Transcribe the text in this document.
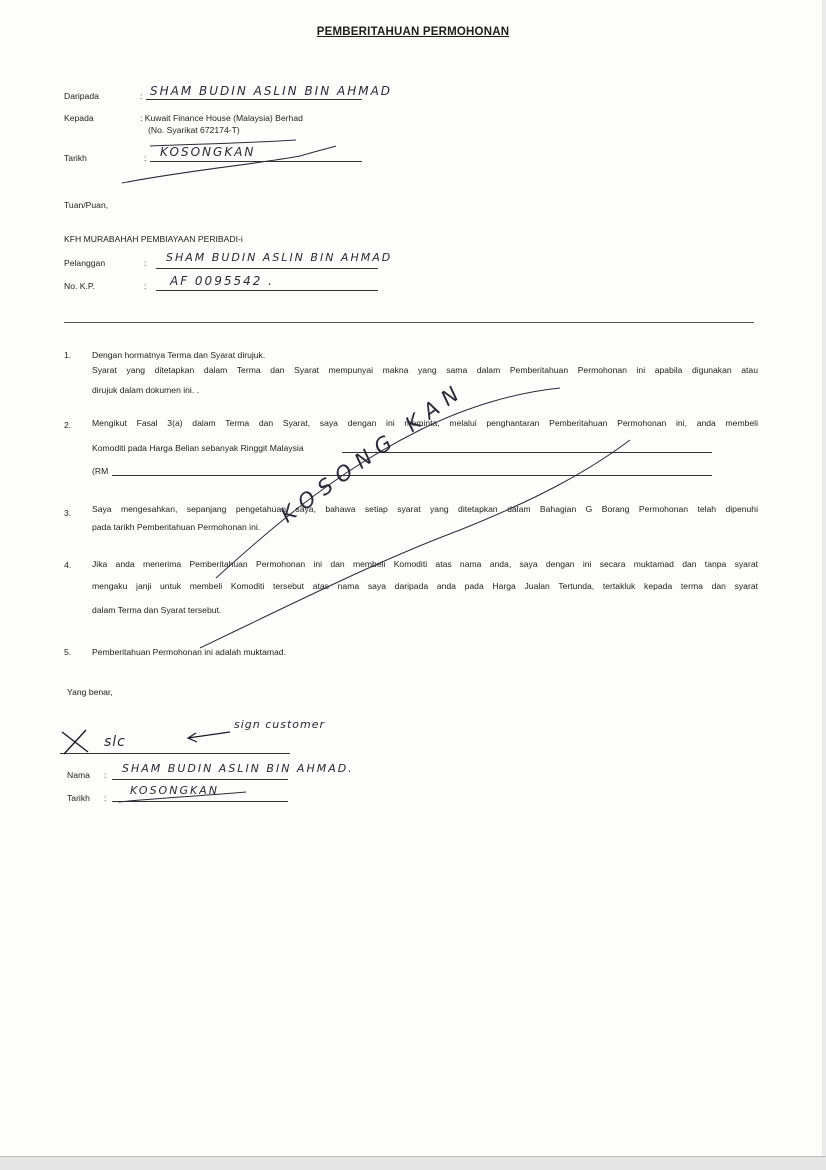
PEMBERITAHUAN PERMOHONAN
Daripada	: SHAM BUDIN ASLIN BIN AHMAD
Kepada	: Kuwait Finance House (Malaysia) Berhad
(No. Syarikat 672174-T)
Tarikh	: KOSONGKAN
Tuan/Puan,
KFH MURABAHAH PEMBIAYAAN PERIBADI-i
Pelanggan	: SHAM BUDIN ASLIN BIN AHMAD
No. K.P.	: AF 0095542 .
1. Dengan hormatnya Terma dan Syarat dirujuk.
Syarat yang ditetapkan dalam Terma dan Syarat mempunyai makna yang sama dalam Pemberitahuan Permohonan ini apabila digunakan atau
dirujuk dalam dokumen ini. .
2. Mengikut Fasal 3(a) dalam Terma dan Syarat, saya dengan ini meminta, melalui penghantaran Pemberitahuan Permohonan ini, anda membeli
Komoditi pada Harga Belian sebanyak Ringgit Malaysia
(RM
3. Saya mengesahkan, sepanjang pengetahuan saya, bahawa setiap syarat yang ditetapkan dalam Bahagian G Borang Permohonan telah dipenuhi
pada tarikh Pemberitahuan Permohonan ini.
4. Jika anda menerima Pemberitahuan Permohonan ini dan membeli Komoditi atas nama anda, saya dengan ini secara muktamad dan tanpa syarat
mengaku janji untuk membeli Komoditi tersebut atas nama saya daripada anda pada Harga Jualan Tertunda, tertakluk kepada terma dan syarat
dalam Terma dan Syarat tersebut.
5. Pemberitahuan Permohonan ini adalah muktamad.
Yang benar,
slc
sign customer
Nama : SHAM BUDIN ASLIN BIN AHMAD.
Tarikh :
KOSONGKAN
KOSONG KAN
